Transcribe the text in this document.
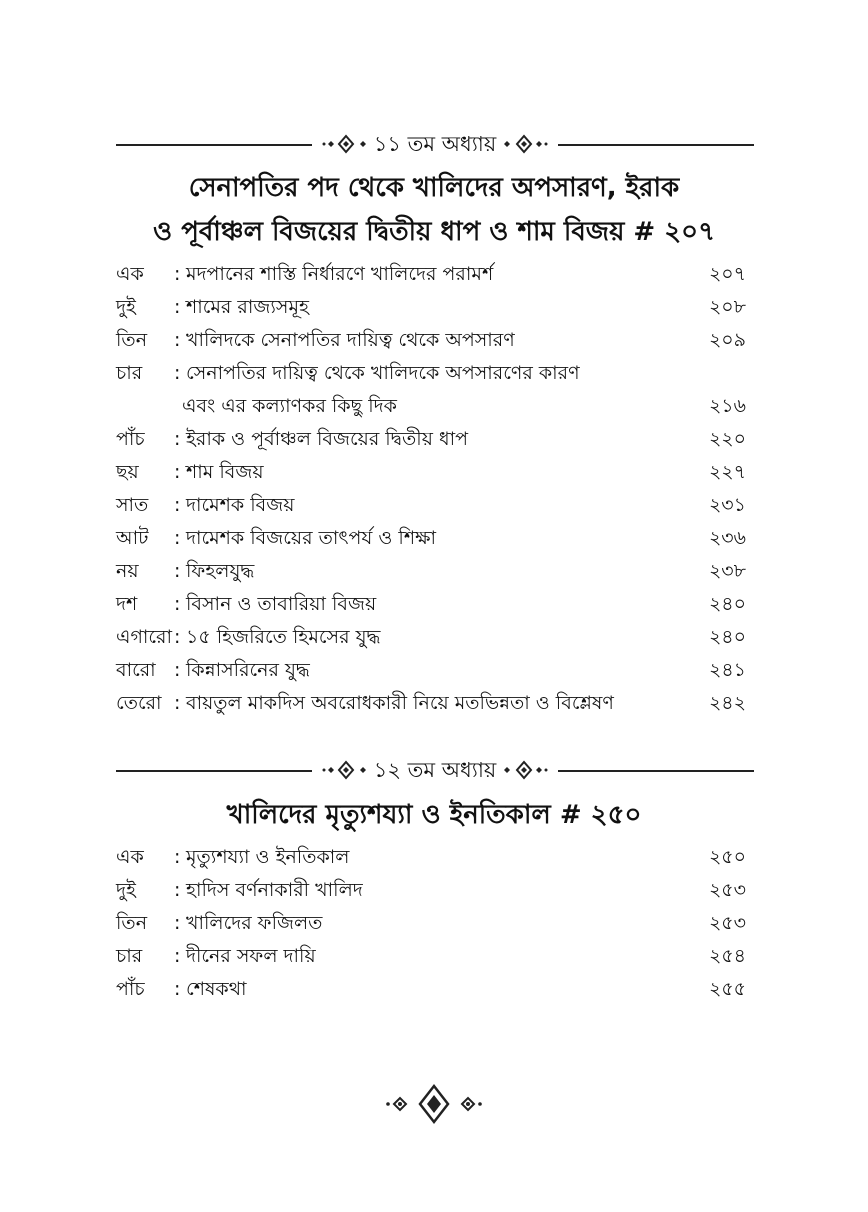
১১ তম অধ্যায়
সেনাপতির পদ থেকে খালিদের অপসারণ, ইরাক
ও পূর্বাঞ্চল বিজয়ের দ্বিতীয় ধাপ ও শাম বিজয় # ২০৭
এক : মদপানের শাস্তি নির্ধারণে খালিদের পরামর্শ	২০৭
দুই : শামের রাজ্যসমূহ	২০৮
তিন : খালিদকে সেনাপতির দায়িত্ব থেকে অপসারণ	২০৯
চার : সেনাপতির দায়িত্ব থেকে খালিদকে অপসারণের কারণ
এবং এর কল্যাণকর কিছু দিক	২১৬
পাঁচ : ইরাক ও পূর্বাঞ্চল বিজয়ের দ্বিতীয় ধাপ	২২০
ছয় : শাম বিজয়	২২৭
সাত : দামেশক বিজয়	২৩১
আট : দামেশক বিজয়ের তাৎপর্য ও শিক্ষা	২৩৬
নয় : ফিহলযুদ্ধ	২৩৮
দশ : বিসান ও তাবারিয়া বিজয়	২৪০
এগারো : ১৫ হিজরিতে হিমসের যুদ্ধ	২৪০
বারো : কিন্নাসরিনের যুদ্ধ	২৪১
তেরো : বায়তুল মাকদিস অবরোধকারী নিয়ে মতভিন্নতা ও বিশ্লেষণ	২৪২
১২ তম অধ্যায়
খালিদের মৃত্যুশয্যা ও ইনতিকাল # ২৫০
এক : মৃত্যুশয্যা ও ইনতিকাল	২৫০
দুই : হাদিস বর্ণনাকারী খালিদ	২৫৩
তিন : খালিদের ফজিলত	২৫৩
চার : দীনের সফল দায়ি	২৫৪
পাঁচ : শেষকথা	২৫৫
